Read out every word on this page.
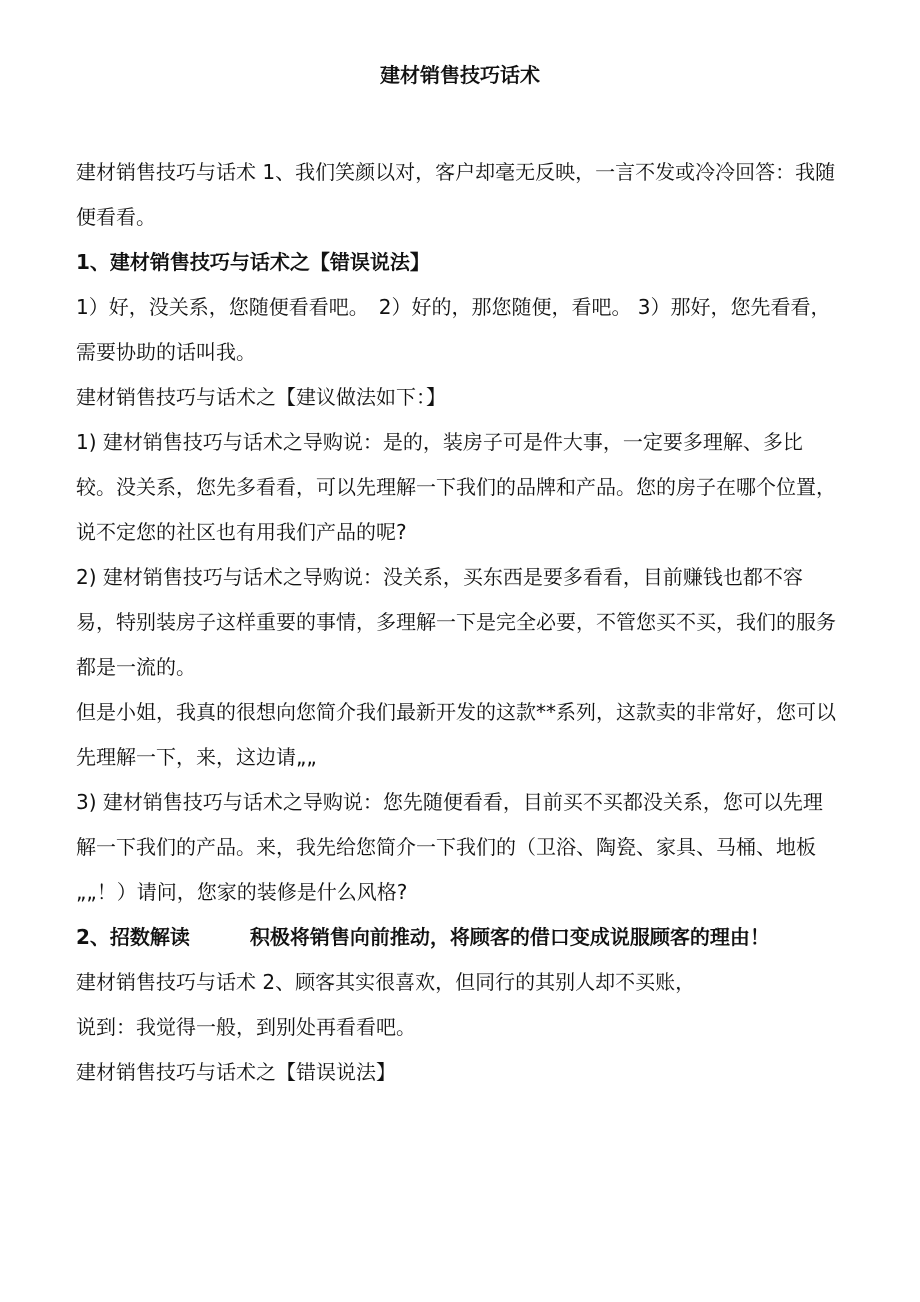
建材销售技巧话术

建材销售技巧与话术 1、我们笑颜以对，客户却毫无反映，一言不发或冷冷回答：我随便看看。

1、建材销售技巧与话术之【错误说法】

1）好，没关系，您随便看看吧。　2）好的，那您随便，看吧。 3）那好，您先看看，需要协助的话叫我。

建材销售技巧与话术之【建议做法如下：】

1) 建材销售技巧与话术之导购说：是的，装房子可是件大事，一定要多理解、多比较。没关系，您先多看看，可以先理解一下我们的品牌和产品。您的房子在哪个位置，说不定您的社区也有用我们产品的呢?

2) 建材销售技巧与话术之导购说：没关系，买东西是要多看看，目前赚钱也都不容易，特别装房子这样重要的事情，多理解一下是完全必要，不管您买不买，我们的服务都是一流的。

但是小姐，我真的很想向您简介我们最新开发的这款**系列，这款卖的非常好，您可以先理解一下，来，这边请„„

3) 建材销售技巧与话术之导购说：您先随便看看，目前买不买都没关系，您可以先理解一下我们的产品。来，我先给您简介一下我们的（卫浴、陶瓷、家具、马桶、地板„„！）请问，您家的装修是什么风格?

2、招数解读	积极将销售向前推动，将顾客的借口变成说服顾客的理由！

建材销售技巧与话术 2、顾客其实很喜欢，但同行的其别人却不买账，

说到：我觉得一般，到别处再看看吧。

建材销售技巧与话术之【错误说法】
